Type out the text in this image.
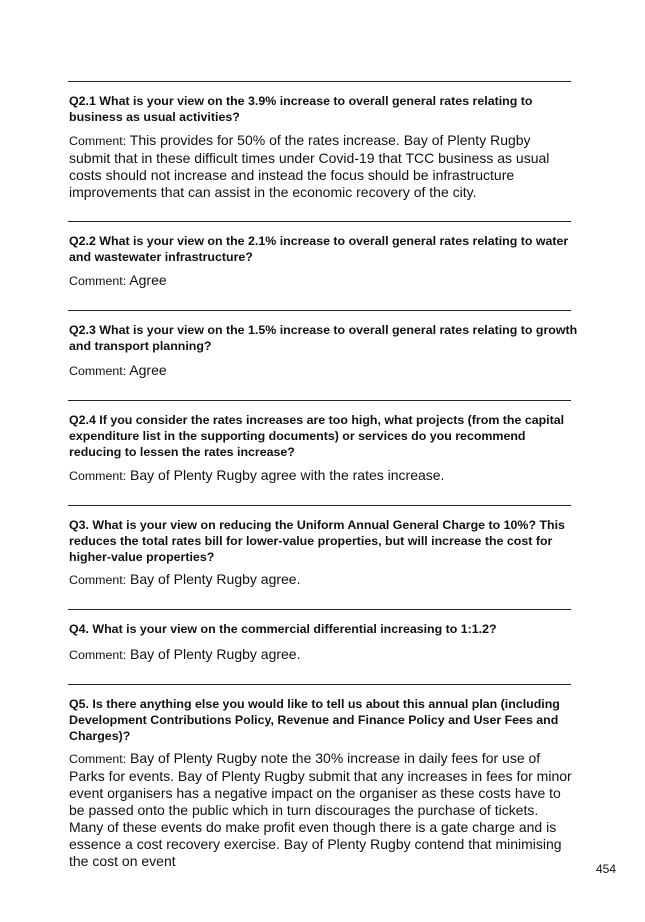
Q2.1 What is your view on the 3.9% increase to overall general rates relating to business as usual activities?
Comment: This provides for 50% of the rates increase. Bay of Plenty Rugby submit that in these difficult times under Covid-19 that TCC business as usual costs should not increase and instead the focus should be infrastructure improvements that can assist in the economic recovery of the city.
Q2.2 What is your view on the 2.1% increase to overall general rates relating to water and wastewater infrastructure?
Comment: Agree
Q2.3 What is your view on the 1.5% increase to overall general rates relating to growth and transport planning?
Comment: Agree
Q2.4 If you consider the rates increases are too high, what projects (from the capital expenditure list in the supporting documents) or services do you recommend reducing to lessen the rates increase?
Comment: Bay of Plenty Rugby agree with the rates increase.
Q3. What is your view on reducing the Uniform Annual General Charge to 10%? This reduces the total rates bill for lower-value properties, but will increase the cost for higher-value properties?
Comment: Bay of Plenty Rugby agree.
Q4. What is your view on the commercial differential increasing to 1:1.2?
Comment: Bay of Plenty Rugby agree.
Q5. Is there anything else you would like to tell us about this annual plan (including Development Contributions Policy, Revenue and Finance Policy and User Fees and Charges)?
Comment: Bay of Plenty Rugby note the 30% increase in daily fees for use of Parks for events. Bay of Plenty Rugby submit that any increases in fees for minor event organisers has a negative impact on the organiser as these costs have to be passed onto the public which in turn discourages the purchase of tickets. Many of these events do make profit even though there is a gate charge and is essence a cost recovery exercise. Bay of Plenty Rugby contend that minimising the cost on event	454
